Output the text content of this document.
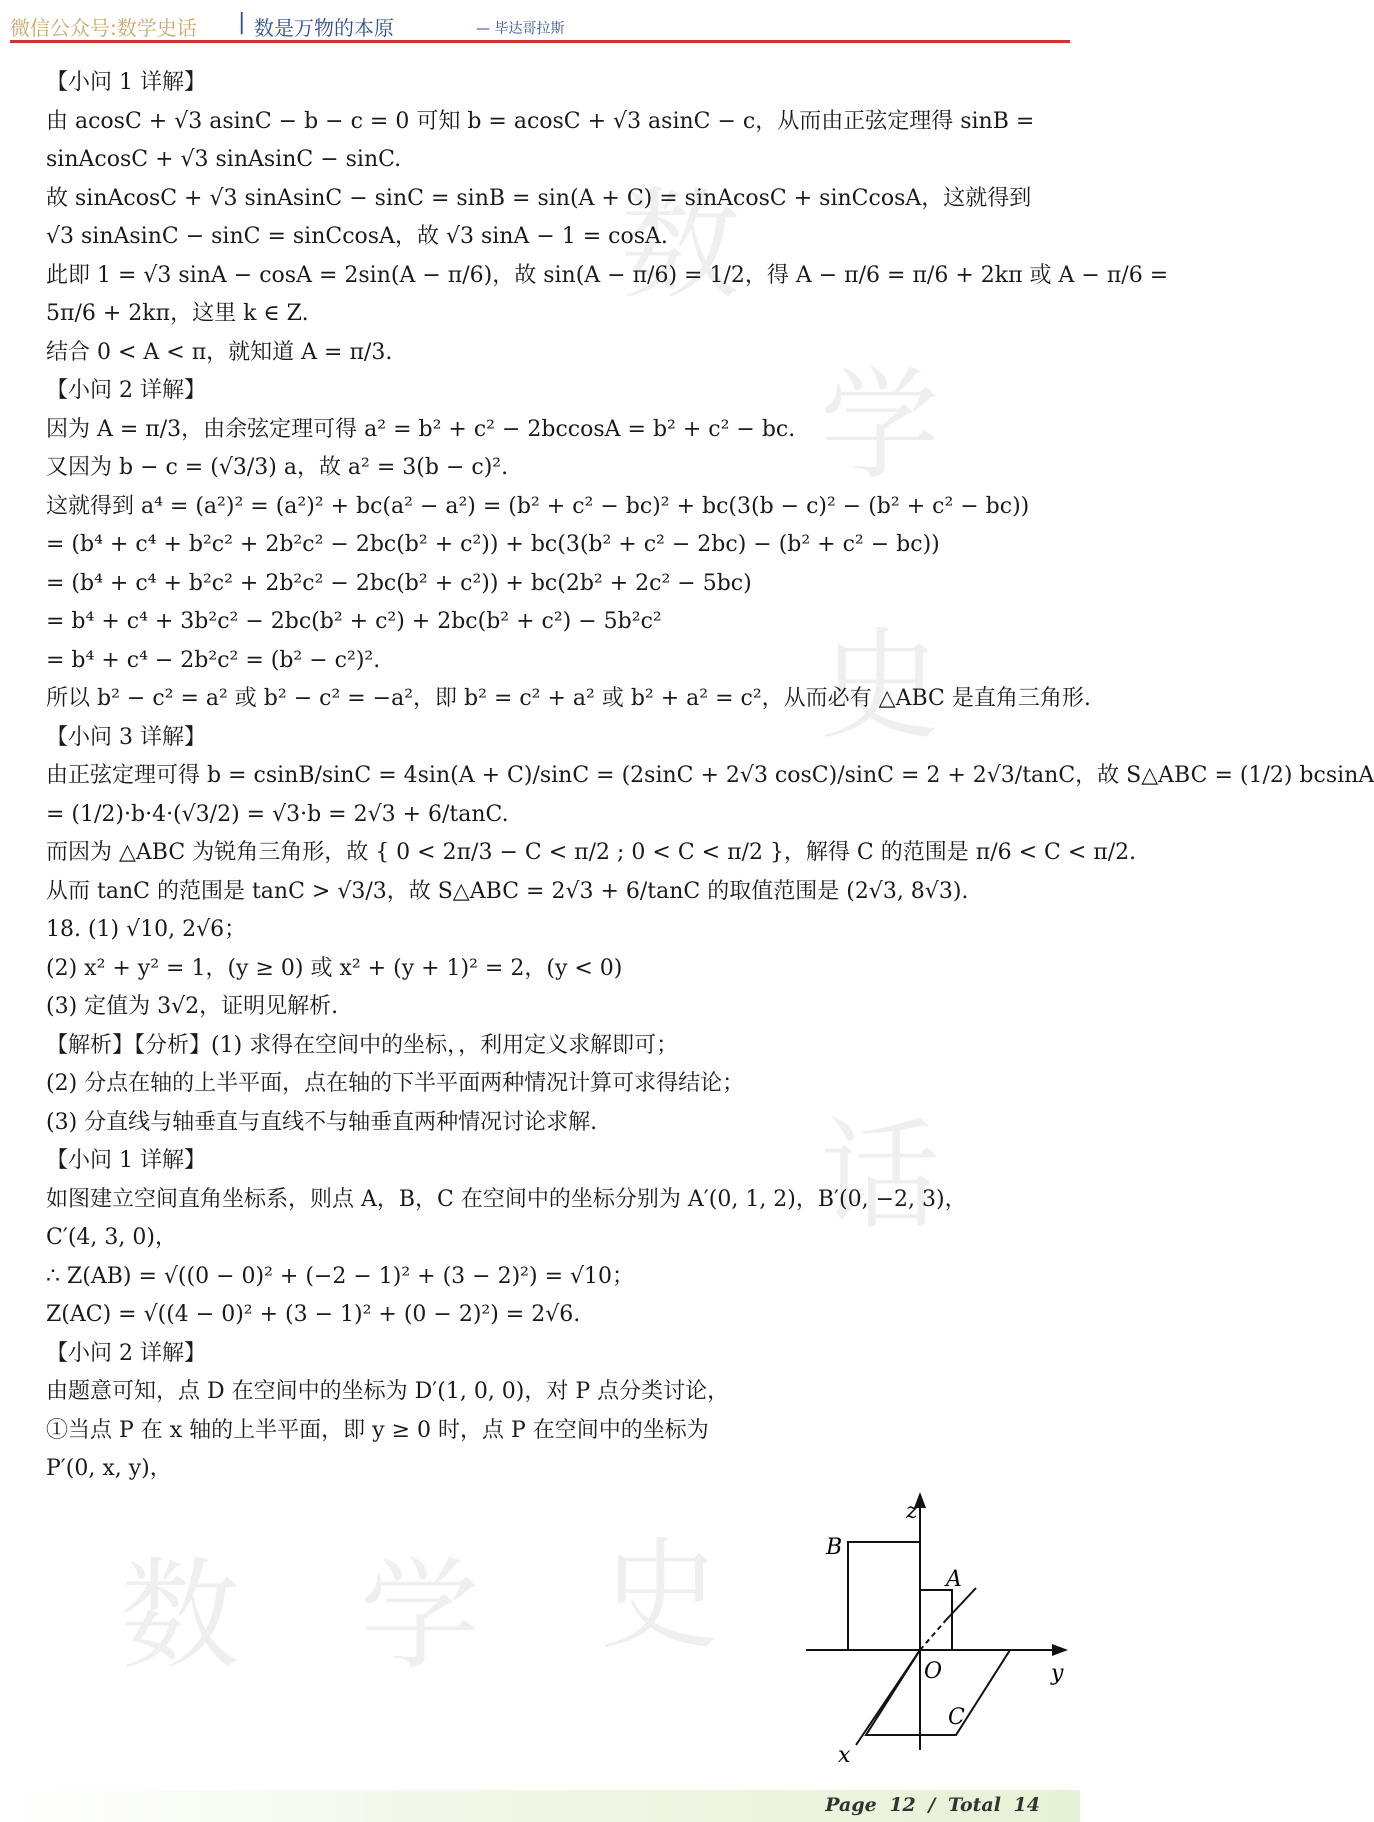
微信公众号:数学史话 | 数是万物的本原	— 毕达哥拉斯
数
学
史
话
数 学 史
【小问 1 详解】
由 acosC + √3 asinC − b − c = 0 可知 b = acosC + √3 asinC − c，从而由正弦定理得 sinB =
sinAcosC + √3 sinAsinC − sinC.
故 sinAcosC + √3 sinAsinC − sinC = sinB = sin(A + C) = sinAcosC + sinCcosA，这就得到
√3 sinAsinC − sinC = sinCcosA，故 √3 sinA − 1 = cosA.
此即 1 = √3 sinA − cosA = 2sin(A − π/6)，故 sin(A − π/6) = 1/2，得 A − π/6 = π/6 + 2kπ 或 A − π/6 =
5π/6 + 2kπ，这里 k ∈ Z.
结合 0 < A < π，就知道 A = π/3.
【小问 2 详解】
因为 A = π/3，由余弦定理可得 a² = b² + c² − 2bccosA = b² + c² − bc.
又因为 b − c = (√3/3) a，故 a² = 3(b − c)².
这就得到 a⁴ = (a²)² = (a²)² + bc(a² − a²) = (b² + c² − bc)² + bc(3(b − c)² − (b² + c² − bc))
= (b⁴ + c⁴ + b²c² + 2b²c² − 2bc(b² + c²)) + bc(3(b² + c² − 2bc) − (b² + c² − bc))
= (b⁴ + c⁴ + b²c² + 2b²c² − 2bc(b² + c²)) + bc(2b² + 2c² − 5bc)
= b⁴ + c⁴ + 3b²c² − 2bc(b² + c²) + 2bc(b² + c²) − 5b²c²
= b⁴ + c⁴ − 2b²c² = (b² − c²)².
所以 b² − c² = a² 或 b² − c² = −a²，即 b² = c² + a² 或 b² + a² = c²，从而必有 △ABC 是直角三角形.
【小问 3 详解】
由正弦定理可得 b = csinB/sinC = 4sin(A + C)/sinC = (2sinC + 2√3 cosC)/sinC = 2 + 2√3/tanC，故 S△ABC = (1/2) bcsinA
= (1/2)·b·4·(√3/2) = √3·b = 2√3 + 6/tanC.
而因为 △ABC 为锐角三角形，故 { 0 < 2π/3 − C < π/2 ; 0 < C < π/2 }，解得 C 的范围是 π/6 < C < π/2.
从而 tanC 的范围是 tanC > √3/3，故 S△ABC = 2√3 + 6/tanC 的取值范围是 (2√3, 8√3).
18. (1) √10, 2√6；
(2) x² + y² = 1，(y ≥ 0) 或 x² + (y + 1)² = 2，(y < 0)
(3) 定值为 3√2，证明见解析.
【解析】【分析】(1) 求得在空间中的坐标，，利用定义求解即可；
(2) 分点在轴的上半平面，点在轴的下半平面两种情况计算可求得结论；
(3) 分直线与轴垂直与直线不与轴垂直两种情况讨论求解.
【小问 1 详解】
如图建立空间直角坐标系，则点 A，B，C 在空间中的坐标分别为 A′(0, 1, 2)，B′(0, −2, 3)，
C′(4, 3, 0)，
∴ Z(AB) = √((0 − 0)² + (−2 − 1)² + (3 − 2)²) = √10；
Z(AC) = √((4 − 0)² + (3 − 1)² + (0 − 2)²) = 2√6.
【小问 2 详解】
由题意可知，点 D 在空间中的坐标为 D′(1, 0, 0)，对 P 点分类讨论，
①当点 P 在 x 轴的上半平面，即 y ≥ 0 时，点 P 在空间中的坐标为
P′(0, x, y)，
z
y
x
O
A
B
C
Page 12 / Total 14
